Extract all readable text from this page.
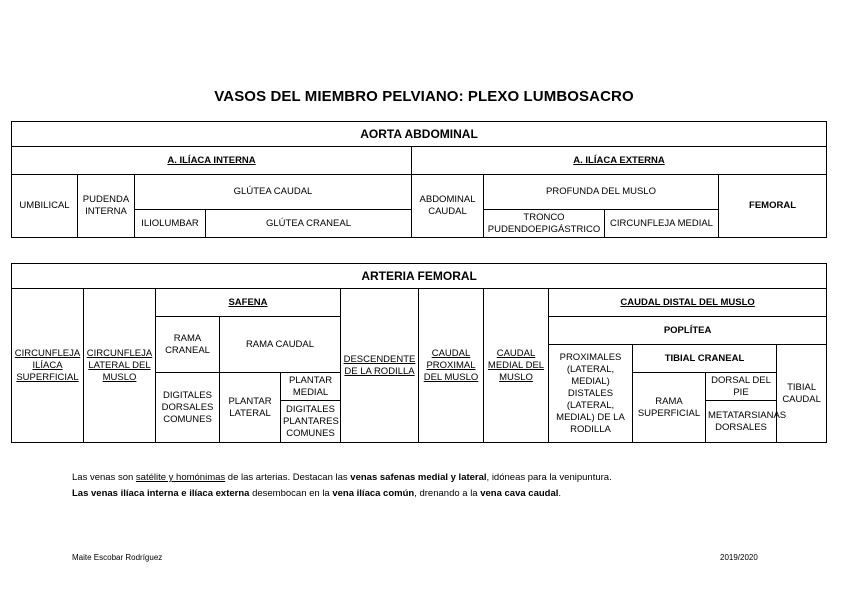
VASOS DEL MIEMBRO PELVIANO: PLEXO LUMBOSACRO
AORTA ABDOMINAL							
A. ILÍACA INTERNA				A. ILÍACA EXTERNA			
UMBILICAL	PUDENDA INTERNA	GLÚTEA CAUDAL		ABDOMINAL CAUDAL	PROFUNDA DEL MUSLO		FEMORAL
		ILIOLUMBAR	GLÚTEA CRANEAL		TRONCO PUDENDOEPIGÁSTRICO	CIRCUNFLEJA MEDIAL	
ARTERIA FEMORAL											
CIRCUNFLEJA ILÍACA SUPERFICIAL	CIRCUNFLEJA LATERAL DEL MUSLO	SAFENA			DESCENDENTE DE LA RODILLA	CAUDAL PROXIMAL DEL MUSLO	CAUDAL MEDIAL DEL MUSLO	CAUDAL DISTAL DEL MUSLO			
		RAMA CRANEAL	RAMA CAUDAL					POPLÍTEA			
								PROXIMALES (LATERAL, MEDIAL) DISTALES (LATERAL, MEDIAL) DE LA RODILLA	TIBIAL CRANEAL		TIBIAL CAUDAL
		DIGITALES DORSALES COMUNES	PLANTAR LATERAL	PLANTAR MEDIAL					RAMA SUPERFICIAL	DORSAL DEL PIE	
				DIGITALES PLANTARES COMUNES						METATARSIANAS DORSALES	
Las venas son satélite y homónimas de las arterias. Destacan las venas safenas medial y lateral, idóneas para la venipuntura.
Las venas ilíaca interna e ilíaca externa desembocan en la vena ilíaca común, drenando a la vena cava caudal.
Maite Escobar Rodríguez	2019/2020
